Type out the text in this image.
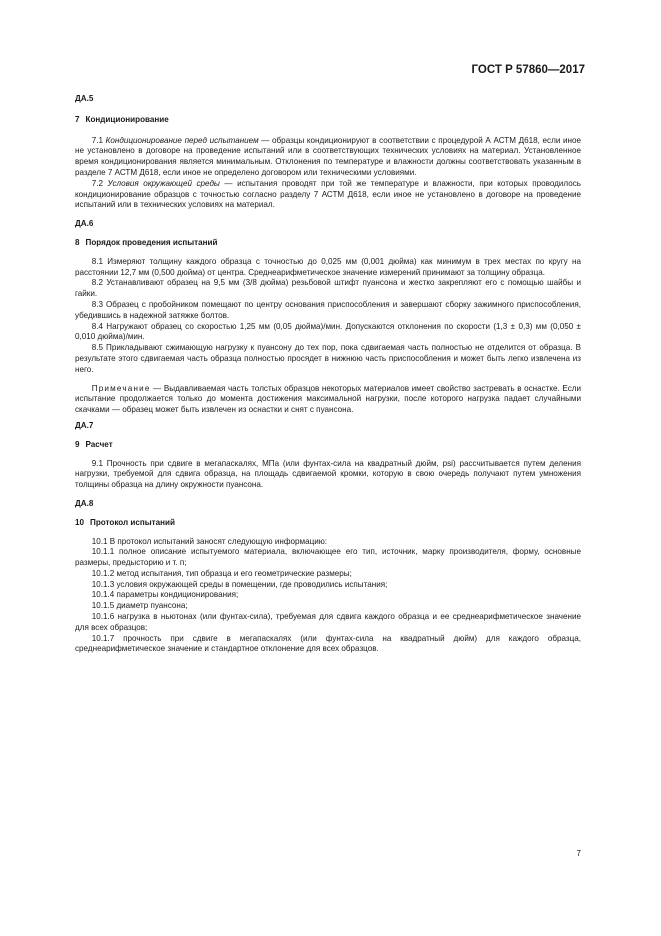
ГОСТ Р 57860—2017

ДА.5

7 Кондиционирование

7.1 Кондиционирование перед испытанием — образцы кондиционируют в соответствии с процедурой А АСТМ Д618, если иное не установлено в договоре на проведение испытаний или в соответствующих технических условиях на материал. Установленное время кондиционирования является минимальным. Отклонения по температуре и влажности должны соответствовать указанным в разделе 7 АСТМ Д618, если иное не определено договором или техническими условиями.

7.2 Условия окружающей среды — испытания проводят при той же температуре и влажности, при которых проводилось кондиционирование образцов с точностью согласно разделу 7 АСТМ Д618, если иное не установлено в договоре на проведение испытаний или в технических условиях на материал.

ДА.6

8 Порядок проведения испытаний

8.1 Измеряют толщину каждого образца с точностью до 0,025 мм (0,001 дюйма) как минимум в трех местах по кругу на расстоянии 12,7 мм (0,500 дюйма) от центра. Среднеарифметическое значение измерений принимают за толщину образца.

8.2 Устанавливают образец на 9,5 мм (3/8 дюйма) резьбовой штифт пуансона и жестко закрепляют его с помощью шайбы и гайки.

8.3 Образец с пробойником помещают по центру основания приспособления и завершают сборку зажимного приспособления, убедившись в надежной затяжке болтов.

8.4 Нагружают образец со скоростью 1,25 мм (0,05 дюйма)/мин. Допускаются отклонения по скорости (1,3 ± 0,3) мм (0,050 ± 0,010 дюйма)/мин.

8.5 Прикладывают сжимающую нагрузку к пуансону до тех пор, пока сдвигаемая часть полностью не отделится от образца. В результате этого сдвигаемая часть образца полностью просядет в нижнюю часть приспособления и может быть легко извлечена из него.

Примечание — Выдавливаемая часть толстых образцов некоторых материалов имеет свойство застревать в оснастке. Если испытание продолжается только до момента достижения максимальной нагрузки, после которого нагрузка падает случайными скачками — образец может быть извлечен из оснастки и снят с пуансона.

ДА.7

9 Расчет

9.1 Прочность при сдвиге в мегапаскалях, МПа (или фунтах-сила на квадратный дюйм, psi) рассчитывается путем деления нагрузки, требуемой для сдвига образца, на площадь сдвигаемой кромки, которую в свою очередь получают путем умножения толщины образца на длину окружности пуансона.

ДА.8

10 Протокол испытаний

10.1 В протокол испытаний заносят следующую информацию:

10.1.1 полное описание испытуемого материала, включающее его тип, источник, марку производителя, форму, основные размеры, предысторию и т. п;

10.1.2 метод испытания, тип образца и его геометрические размеры;

10.1.3 условия окружающей среды в помещении, где проводились испытания;

10.1.4 параметры кондиционирования;

10.1.5 диаметр пуансона;

10.1.6 нагрузка в ньютонах (или фунтах-сила), требуемая для сдвига каждого образца и ее среднеарифметическое значение для всех образцов;

10.1.7 прочность при сдвиге в мегапаскалях (или фунтах-сила на квадратный дюйм) для каждого образца, среднеарифметическое значение и стандартное отклонение для всех образцов.

7
